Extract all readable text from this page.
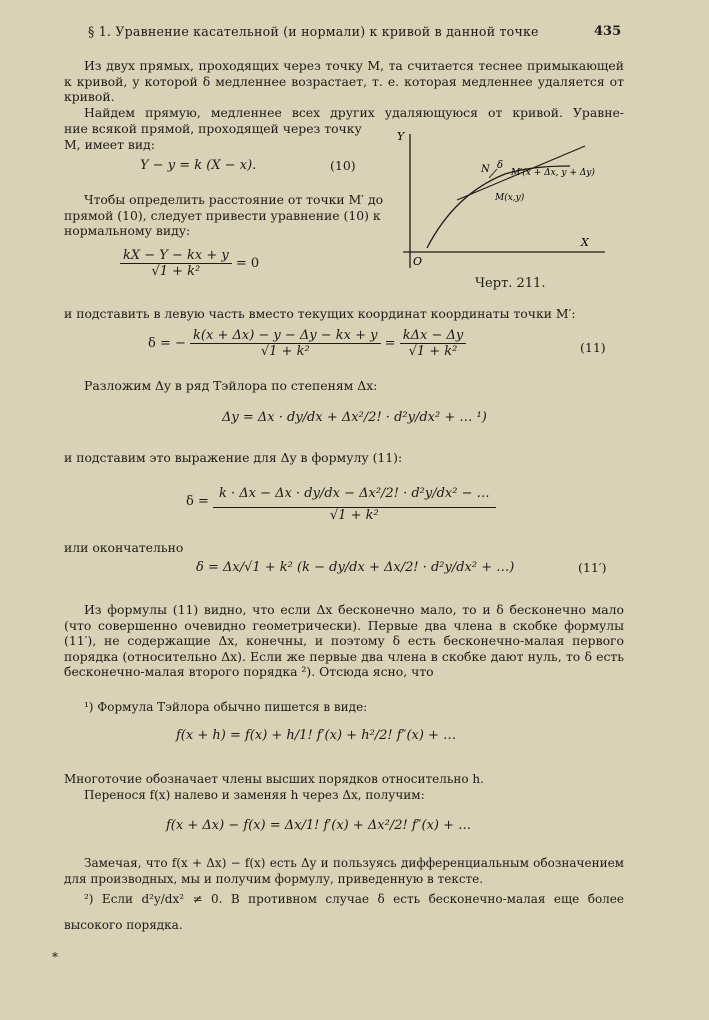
§ 1. Уравнение касательной (и нормали) к кривой в данной точке	435
Из двух прямых, проходящих через точку M, та считается теснее примыкающей к кривой, у которой δ медленнее возрастает, т. е. которая медленнее удаляется от кривой.
Найдем прямую, медленнее всех других удаляющуюся от кривой. Уравне-
ние всякой прямой, проходящей через точку M, имеет вид:
Y − y = k (X − x).	(10)
Чтобы определить расстояние от точки M′ до прямой (10), следует привести уравнение (10) к нормальному виду:
$\frac{kX - Y - kx + y}{\text{√1 + k²}} = 0$
Y
X
O
N δ
M′(x + Δx, y + Δy)
M(x,y)
Черт. 211.
и подставить в левую часть вместо текущих координат координаты точки M′:
δ = − $\frac{k(x + \Delta x) - y - \Delta y - kx + y}{\text{√1 + k²}} = \frac{\text{kΔx − Δy}}{\text{√1 + k²}}$	(11)
Разложим Δy в ряд Тэйлора по степеням Δx:
Δy = Δx · dy/dx + Δx²/2! · d²y/dx² + … ¹)
и подставим это выражение для Δy в формулу (11):
$\delta = \frac{\text{k · Δx − Δx · dy/dx − Δx²/2! · d²y/dx² − …}}{\text{√1 + k²}}$
или окончательно
δ = Δx/√1 + k² (k − dy/dx + Δx/2! · d²y/dx² + …)	(11′)
Из формулы (11) видно, что если Δx бесконечно мало, то и δ бесконечно мало (что совершенно очевидно геометрически). Первые два члена в скобке формулы (11′), не содержащие Δx, конечны, и поэтому δ есть бесконечно-малая первого порядка (относительно Δx). Если же первые два члена в скобке дают нуль, то δ есть бесконечно-малая второго порядка ²). Отсюда ясно, что
¹) Формула Тэйлора обычно пишется в виде:
f(x + h) = f(x) + h/1! f′(x) + h²/2! f″(x) + …
Многоточие обозначает члены высших порядков относительно h.
Перенося f(x) налево и заменяя h через Δx, получим:
f(x + Δx) − f(x) = Δx/1! f′(x) + Δx²/2! f″(x) + …
Замечая, что f(x + Δx) − f(x) есть Δy и пользуясь дифференциальным обозначением для производных, мы и получим формулу, приведенную в тексте.
²) Если d²y/dx² ≠ 0. В противном случае δ есть бесконечно-малая еще более
высокого порядка.
*
